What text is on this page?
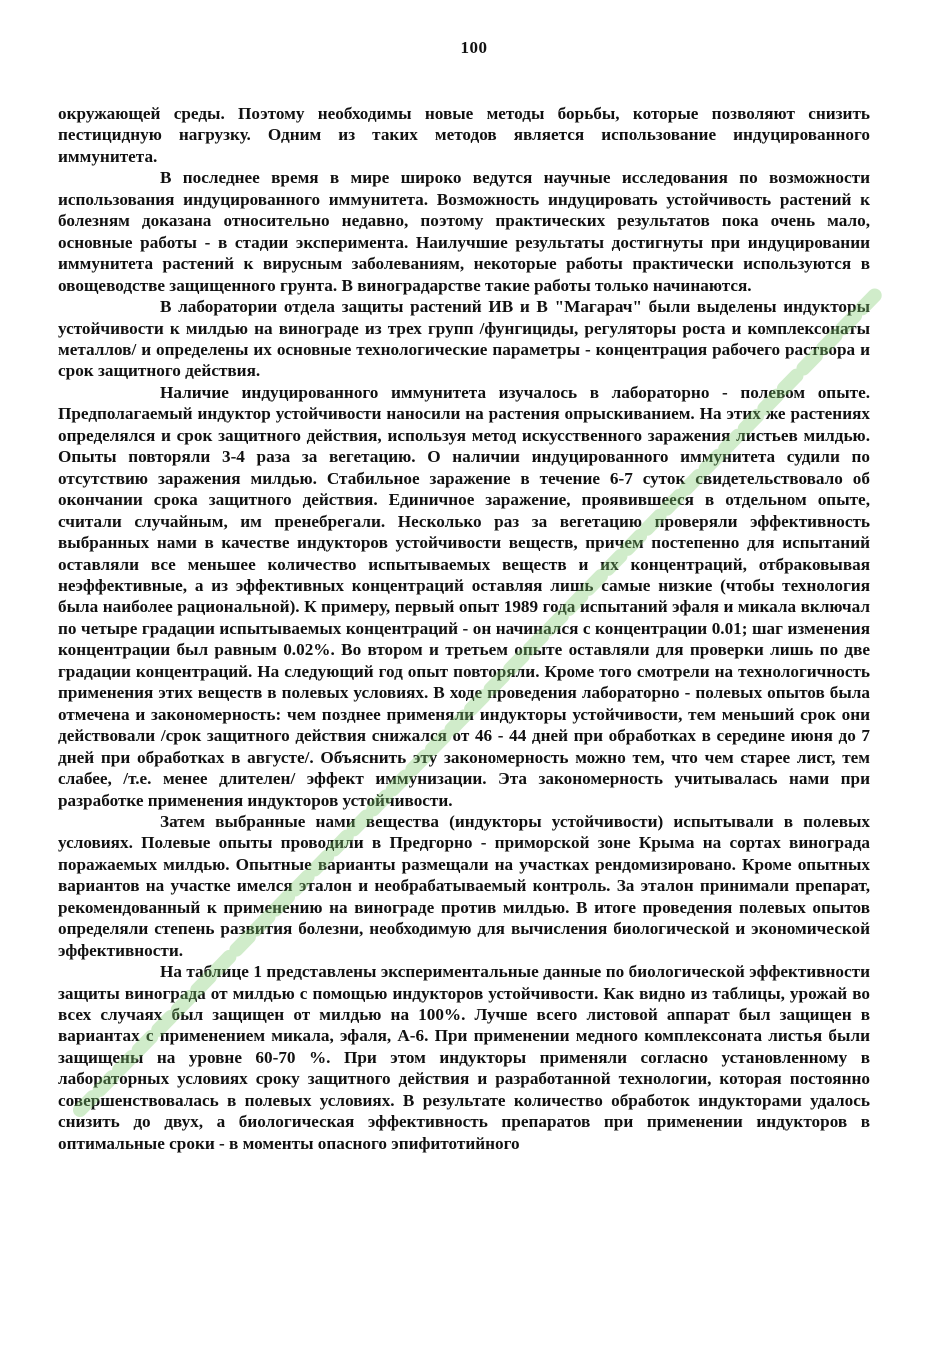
100

окружающей среды. Поэтому необходимы новые методы борьбы, которые позволяют снизить пестицидную нагрузку. Одним из таких методов является использование индуцированного иммунитета.

В последнее время в мире широко ведутся научные исследования по возможности использования индуцированного иммунитета. Возможность индуцировать устойчивость растений к болезням доказана относительно недавно, поэтому практических результатов пока очень мало, основные работы - в стадии эксперимента. Наилучшие результаты достигнуты при индуцировании иммунитета растений к вирусным заболеваниям, некоторые работы практически используются в овощеводстве защищенного грунта. В виноградарстве такие работы только начинаются.

В лаборатории отдела защиты растений ИВ и В "Магарач" были выделены индукторы устойчивости к милдью на винограде из трех групп /фунгициды, регуляторы роста и комплексонаты металлов/ и определены их основные технологические параметры - концентрация рабочего раствора и срок защитного действия.

Наличие индуцированного иммунитета изучалось в лабораторно - полевом опыте. Предполагаемый индуктор устойчивости наносили на растения опрыскиванием. На этих же растениях определялся и срок защитного действия, используя метод искусственного заражения листьев милдью. Опыты повторяли 3-4 раза за вегетацию. О наличии индуцированного иммунитета судили по отсутствию заражения милдью. Стабильное заражение в течение 6-7 суток свидетельствовало об окончании срока защитного действия. Единичное заражение, проявившееся в отдельном опыте, считали случайным, им пренебрегали. Несколько раз за вегетацию проверяли эффективность выбранных нами в качестве индукторов устойчивости веществ, причем постепенно для испытаний оставляли все меньшее количество испытываемых веществ и их концентраций, отбраковывая неэффективные, а из эффективных концентраций оставляя лишь самые низкие (чтобы технология была наиболее рациональной). К примеру, первый опыт 1989 года испытаний эфаля и микала включал по четыре градации испытываемых концентраций - он начинался с концентрации 0.01; шаг изменения концентрации был равным 0.02%. Во втором и третьем опыте оставляли для проверки лишь по две градации концентраций. На следующий год опыт повторяли. Кроме того смотрели на технологичность применения этих веществ в полевых условиях. В ходе проведения лабораторно - полевых опытов была отмечена и закономерность: чем позднее применяли индукторы устойчивости, тем меньший срок они действовали /срок защитного действия снижался от 46 - 44 дней при обработках в середине июня до 7 дней при обработках в августе/. Объяснить эту закономерность можно тем, что чем старее лист, тем слабее, /т.е. менее длителен/ эффект иммунизации. Эта закономерность учитывалась нами при разработке применения индукторов устойчивости.

Затем выбранные нами вещества (индукторы устойчивости) испытывали в полевых условиях. Полевые опыты проводили в Предгорно - приморской зоне Крыма на сортах винограда поражаемых милдью. Опытные варианты размещали на участках рендомизировано. Кроме опытных вариантов на участке имелся эталон и необрабатываемый контроль. За эталон принимали препарат, рекомендованный к применению на винограде против милдью. В итоге проведения полевых опытов определяли степень развития болезни, необходимую для вычисления биологической и экономической эффективности.

На таблице 1 представлены экспериментальные данные по биологической эффективности защиты винограда от милдью с помощью индукторов устойчивости. Как видно из таблицы, урожай во всех случаях был защищен от милдью на 100%. Лучше всего листовой аппарат был защищен в вариантах с применением микала, эфаля, А-6. При применении медного комплексоната листья были защищены на уровне 60-70 %. При этом индукторы применяли согласно установленному в лабораторных условиях сроку защитного действия и разработанной технологии, которая постоянно совершенствовалась в полевых условиях. В результате количество обработок индукторами удалось снизить до двух, а биологическая эффективность препаратов при применении индукторов в оптимальные сроки - в моменты опасного эпифитотийного
